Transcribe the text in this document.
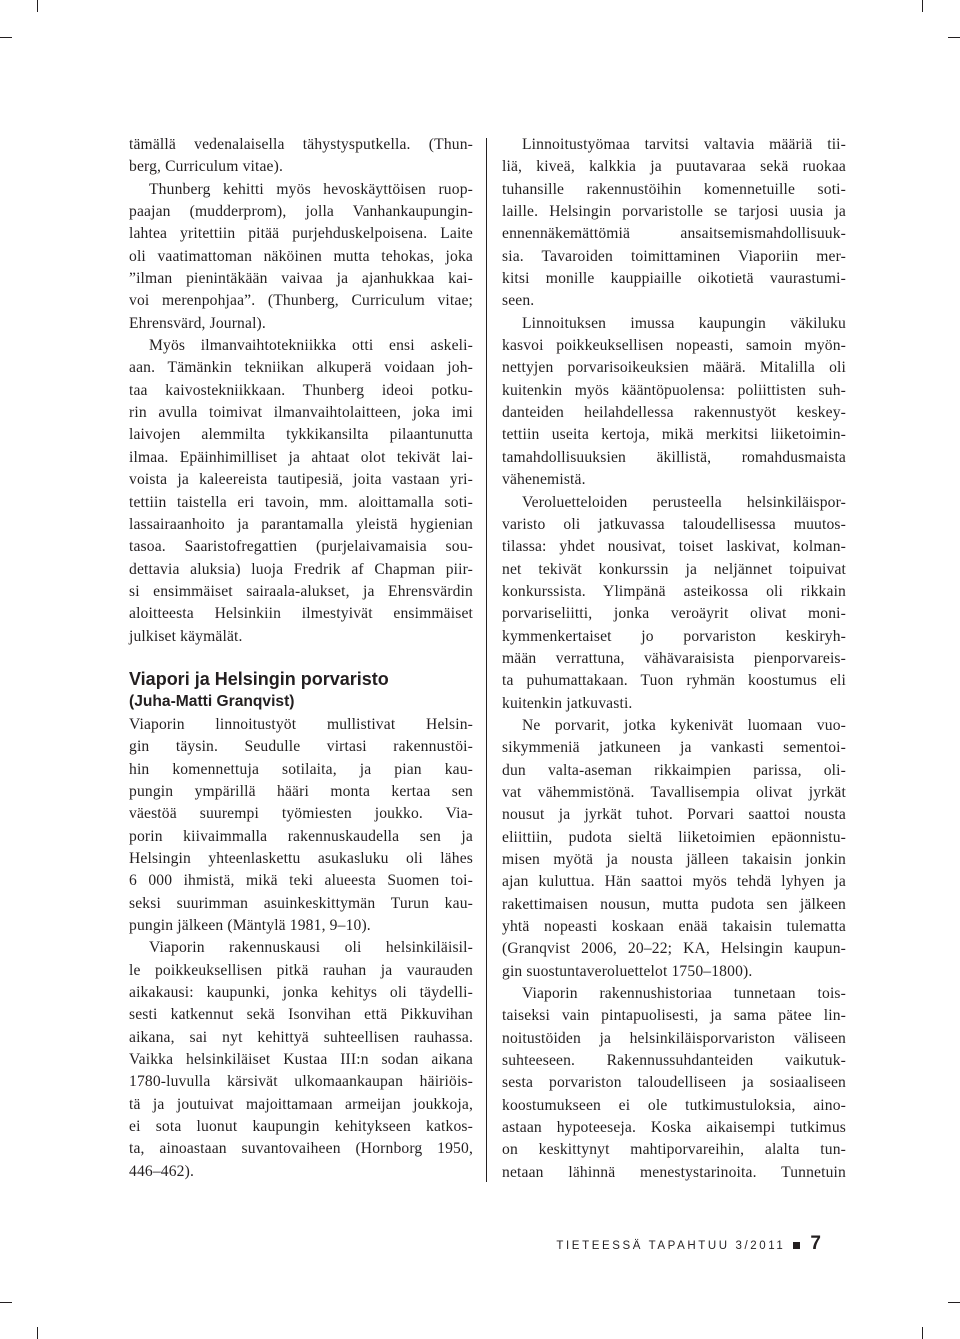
tämällä vedenalaisella tähystysputkella. (Thun-
berg, Curriculum vitae).
Thunberg kehitti myös hevoskäyttöisen ruop-
paajan (mudderprom), jolla Vanhankaupungin-
lahtea yritettiin pitää purjehduskelpoisena. Laite
oli vaatimattoman näköinen mutta tehokas, joka
”ilman pienintäkään vaivaa ja ajanhukkaa kai-
voi merenpohjaa”. (Thunberg, Curriculum vitae;
Ehrensvärd, Journal).
Myös ilmanvaihtotekniikka otti ensi askeli-
aan. Tämänkin tekniikan alkuperä voidaan joh-
taa kaivostekniikkaan. Thunberg ideoi potku-
rin avulla toimivat ilmanvaihtolaitteen, joka imi
laivojen alemmilta tykkikansilta pilaantunutta
ilmaa. Epäinhimilliset ja ahtaat olot tekivät lai-
voista ja kaleereista tautipesiä, joita vastaan yri-
tettiin taistella eri tavoin, mm. aloittamalla soti-
lassairaanhoito ja parantamalla yleistä hygienian
tasoa. Saaristofregattien (purjelaivamaisia sou-
dettavia aluksia) luoja Fredrik af Chapman piir-
si ensimmäiset sairaala-alukset, ja Ehrensvärdin
aloitteesta Helsinkiin ilmestyivät ensimmäiset
julkiset käymälät.
Viapori ja Helsingin porvaristo
(Juha-Matti Granqvist)
Viaporin linnoitustyöt mullistivat Helsin-
gin täysin. Seudulle virtasi rakennustöi-
hin komennettuja sotilaita, ja pian kau-
pungin ympärillä hääri monta kertaa sen
väestöä suurempi työmiesten joukko. Via-
porin kiivaimmalla rakennuskaudella sen ja
Helsingin yhteenlaskettu asukasluku oli lähes
6 000 ihmistä, mikä teki alueesta Suomen toi-
seksi suurimman asuinkeskittymän Turun kau-
pungin jälkeen (Mäntylä 1981, 9–10).
Viaporin rakennuskausi oli helsinkiläisil-
le poikkeuksellisen pitkä rauhan ja vaurauden
aikakausi: kaupunki, jonka kehitys oli täydelli-
sesti katkennut sekä Isonvihan että Pikkuvihan
aikana, sai nyt kehittyä suhteellisen rauhassa.
Vaikka helsinkiläiset Kustaa III:n sodan aikana
1780-luvulla kärsivät ulkomaankaupan häiriöis-
tä ja joutuivat majoittamaan armeijan joukkoja,
ei sota luonut kaupungin kehitykseen katkos-
ta, ainoastaan suvantovaiheen (Hornborg 1950,
446–462).
Linnoitustyömaa tarvitsi valtavia määriä tii-
liä, kiveä, kalkkia ja puutavaraa sekä ruokaa
tuhansille rakennustöihin komennetuille soti-
laille. Helsingin porvaristolle se tarjosi uusia ja
ennennäkemättömiä ansaitsemismahdollisuuk-
sia. Tavaroiden toimittaminen Viaporiin mer-
kitsi monille kauppiaille oikotietä vaurastumi-
seen.
Linnoituksen imussa kaupungin väkiluku
kasvoi poikkeuksellisen nopeasti, samoin myön-
nettyjen porvarisoikeuksien määrä. Mitalilla oli
kuitenkin myös kääntöpuolensa: poliittisten suh-
danteiden heilahdellessa rakennustyöt keskey-
tettiin useita kertoja, mikä merkitsi liiketoimin-
tamahdollisuuksien äkillistä, romahdusmaista
vähenemistä.
Veroluetteloiden perusteella helsinkiläispor-
varisto oli jatkuvassa taloudellisessa muutos-
tilassa: yhdet nousivat, toiset laskivat, kolman-
net tekivät konkurssin ja neljännet toipuivat
konkurssista. Ylimpänä asteikossa oli rikkain
porvariseliitti, jonka veroäyrit olivat moni-
kymmenkertaiset jo porvariston keskiryh-
mään verrattuna, vähävaraisista pienporvareis-
ta puhumattakaan. Tuon ryhmän koostumus eli
kuitenkin jatkuvasti.
Ne porvarit, jotka kykenivät luomaan vuo-
sikymmeniä jatkuneen ja vankasti sementoi-
dun valta-aseman rikkaimpien parissa, oli-
vat vähemmistönä. Tavallisempia olivat jyrkät
nousut ja jyrkät tuhot. Porvari saattoi nousta
eliittiin, pudota sieltä liiketoimien epäonnistu-
misen myötä ja nousta jälleen takaisin jonkin
ajan kuluttua. Hän saattoi myös tehdä lyhyen ja
rakettimaisen nousun, mutta pudota sen jälkeen
yhtä nopeasti koskaan enää takaisin tulematta
(Granqvist 2006, 20–22; KA, Helsingin kaupun-
gin suostuntaveroluettelot 1750–1800).
Viaporin rakennushistoriaa tunnetaan tois-
taiseksi vain pintapuolisesti, ja sama pätee lin-
noitustöiden ja helsinkiläisporvariston väliseen
suhteeseen. Rakennussuhdanteiden vaikutuk-
sesta porvariston taloudelliseen ja sosiaaliseen
koostumukseen ei ole tutkimustuloksia, aino-
astaan hypoteeseja. Koska aikaisempi tutkimus
on keskittynyt mahtiporvareihin, alalta tun-
netaan lähinnä menestystarinoita. Tunnetuin
TIETEESSÄ TAPAHTUU 3/2011 7
